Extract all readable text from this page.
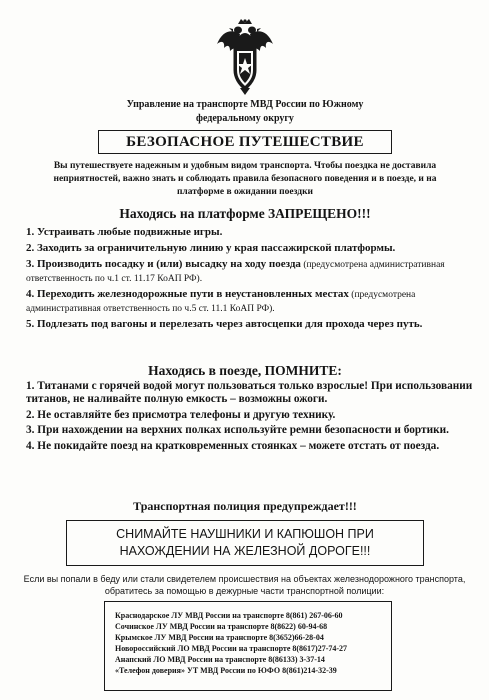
Управление на транспорте МВД России по Южному федеральному округу
БЕЗОПАСНОЕ ПУТЕШЕСТВИЕ
Вы путешествуете надежным и удобным видом транспорта. Чтобы поездка не доставила неприятностей, важно знать и соблюдать правила безопасного поведения и в поезде, и на платформе в ожидании поездки
Находясь на платформе ЗАПРЕЩЕНО!!!
1. Устраивать любые подвижные игры.
2. Заходить за ограничительную линию у края пассажирской платформы.
3. Производить посадку и (или) высадку на ходу поезда (предусмотрена административная ответственность по ч.1 ст. 11.17 КоАП РФ).
4. Переходить железнодорожные пути в неустановленных местах (предусмотрена административная ответственность по ч.5 ст. 11.1 КоАП РФ).
5. Подлезать под вагоны и перелезать через автосцепки для прохода через путь.
Находясь в поезде, ПОМНИТЕ:
1. Титанами с горячей водой могут пользоваться только взрослые! При использовании титанов, не наливайте полную емкость – возможны ожоги.
2. Не оставляйте без присмотра телефоны и другую технику.
3. При нахождении на верхних полках используйте ремни безопасности и бортики.
4. Не покидайте поезд на кратковременных стоянках – можете отстать от поезда.
Транспортная полиция предупреждает!!!
СНИМАЙТЕ НАУШНИКИ И КАПЮШОН ПРИ
НАХОЖДЕНИИ НА ЖЕЛЕЗНОЙ ДОРОГЕ!!!
Если вы попали в беду или стали свидетелем происшествия на объектах железнодорожного транспорта, обратитесь за помощью в дежурные части транспортной полиции:
Краснодарское ЛУ МВД России на транспорте 8(861) 267-06-60
Сочинское ЛУ МВД России на транспорте 8(8622) 60-94-68
Крымское ЛУ МВД России на транспорте 8(3652)66-28-04
Новороссийский ЛО МВД России на транспорте 8(8617)27-74-27
Анапский ЛО МВД России на транспорте 8(86133) 3-37-14
«Телефон доверия» УТ МВД России по ЮФО 8(861)214-32-39
